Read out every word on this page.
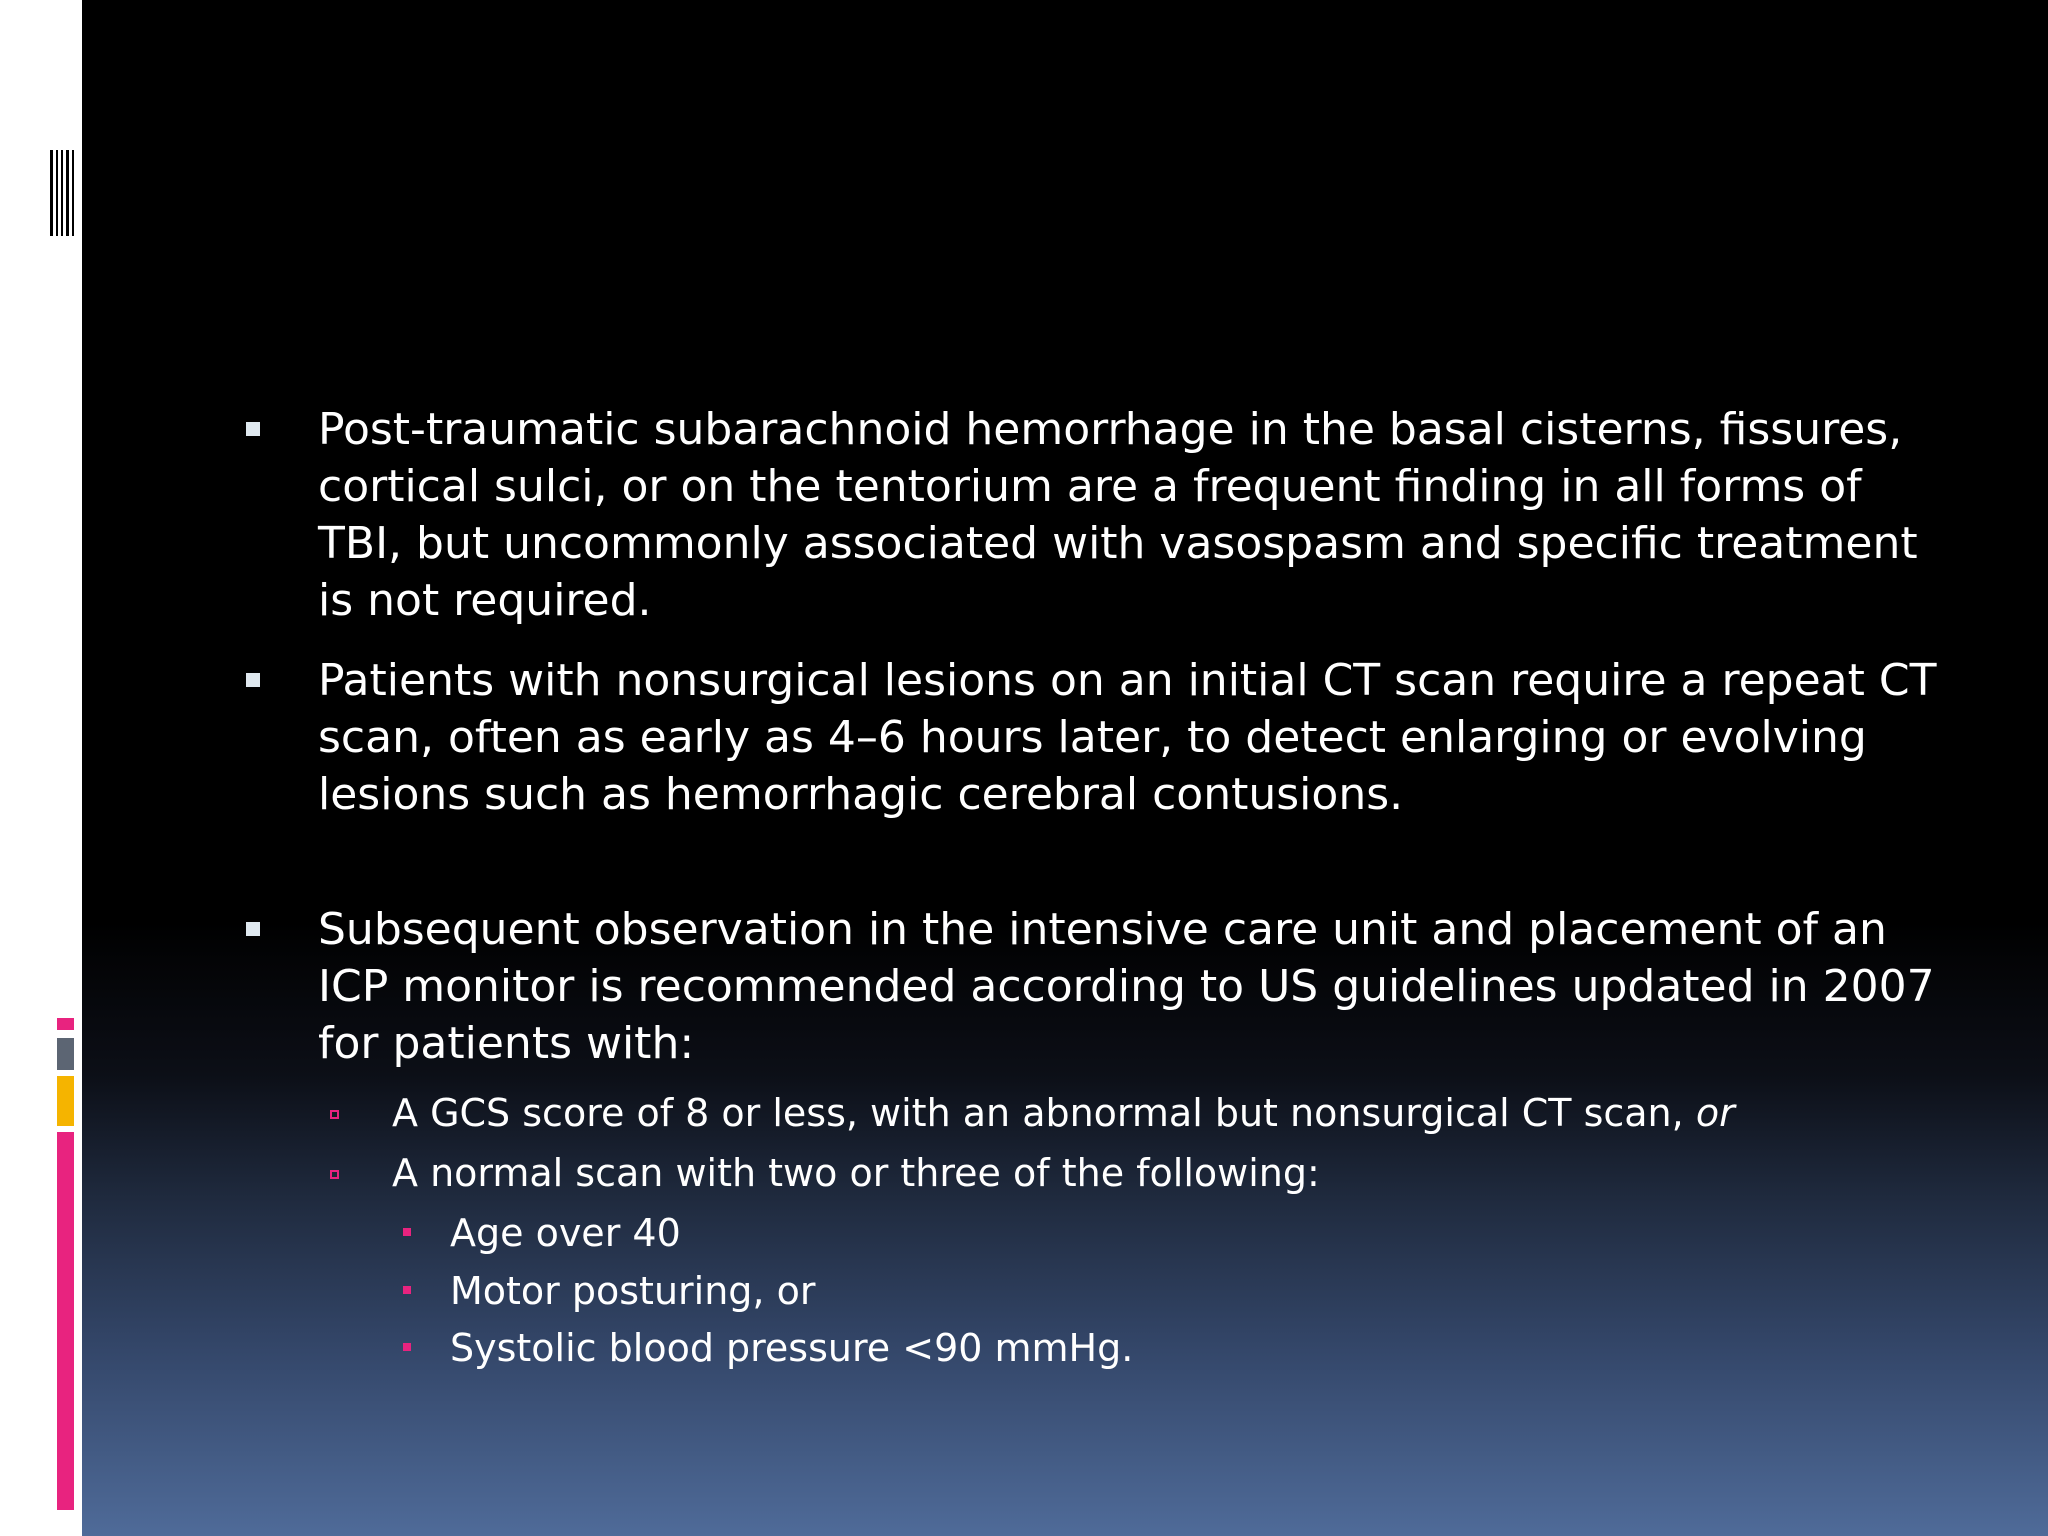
Post-traumatic subarachnoid hemorrhage in the basal cisterns, fissures, cortical sulci, or on the tentorium are a frequent finding in all forms of TBI, but uncommonly associated with vasospasm and specific treatment is not required.
Patients with nonsurgical lesions on an initial CT scan require a repeat CT scan, often as early as 4–6 hours later, to detect enlarging or evolving lesions such as hemorrhagic cerebral contusions.
Subsequent observation in the intensive care unit and placement of an ICP monitor is recommended according to US guidelines updated in 2007 for patients with:
A GCS score of 8 or less, with an abnormal but nonsurgical CT scan, or
A normal scan with two or three of the following:
Age over 40
Motor posturing, or
Systolic blood pressure <90 mmHg.
